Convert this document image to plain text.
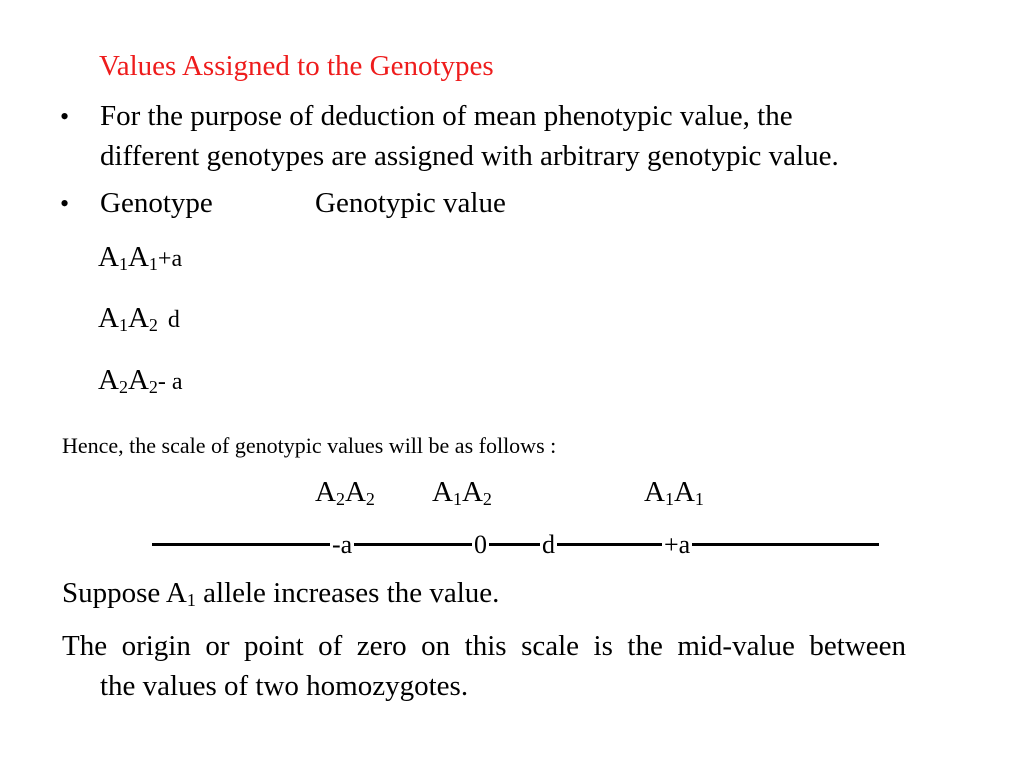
Values Assigned to the Genotypes
• For the purpose of deduction of mean phenotypic value, the
different genotypes are assigned with arbitrary genotypic value.
• Genotype	Genotypic value
$A_1A_1+a$
$A_1A_2$ d
$A_2A_2-$ a
Hence, the scale of genotypic values will be as follows :
$A_2A_2$ $A_1A_2$	$A_1A_1$
-a	0 d	+a
Suppose $A_1$ allele increases the value.
The  origin  or  point  of  zero  on  this  scale  is  the  mid-value  between
the values of two homozygotes.
